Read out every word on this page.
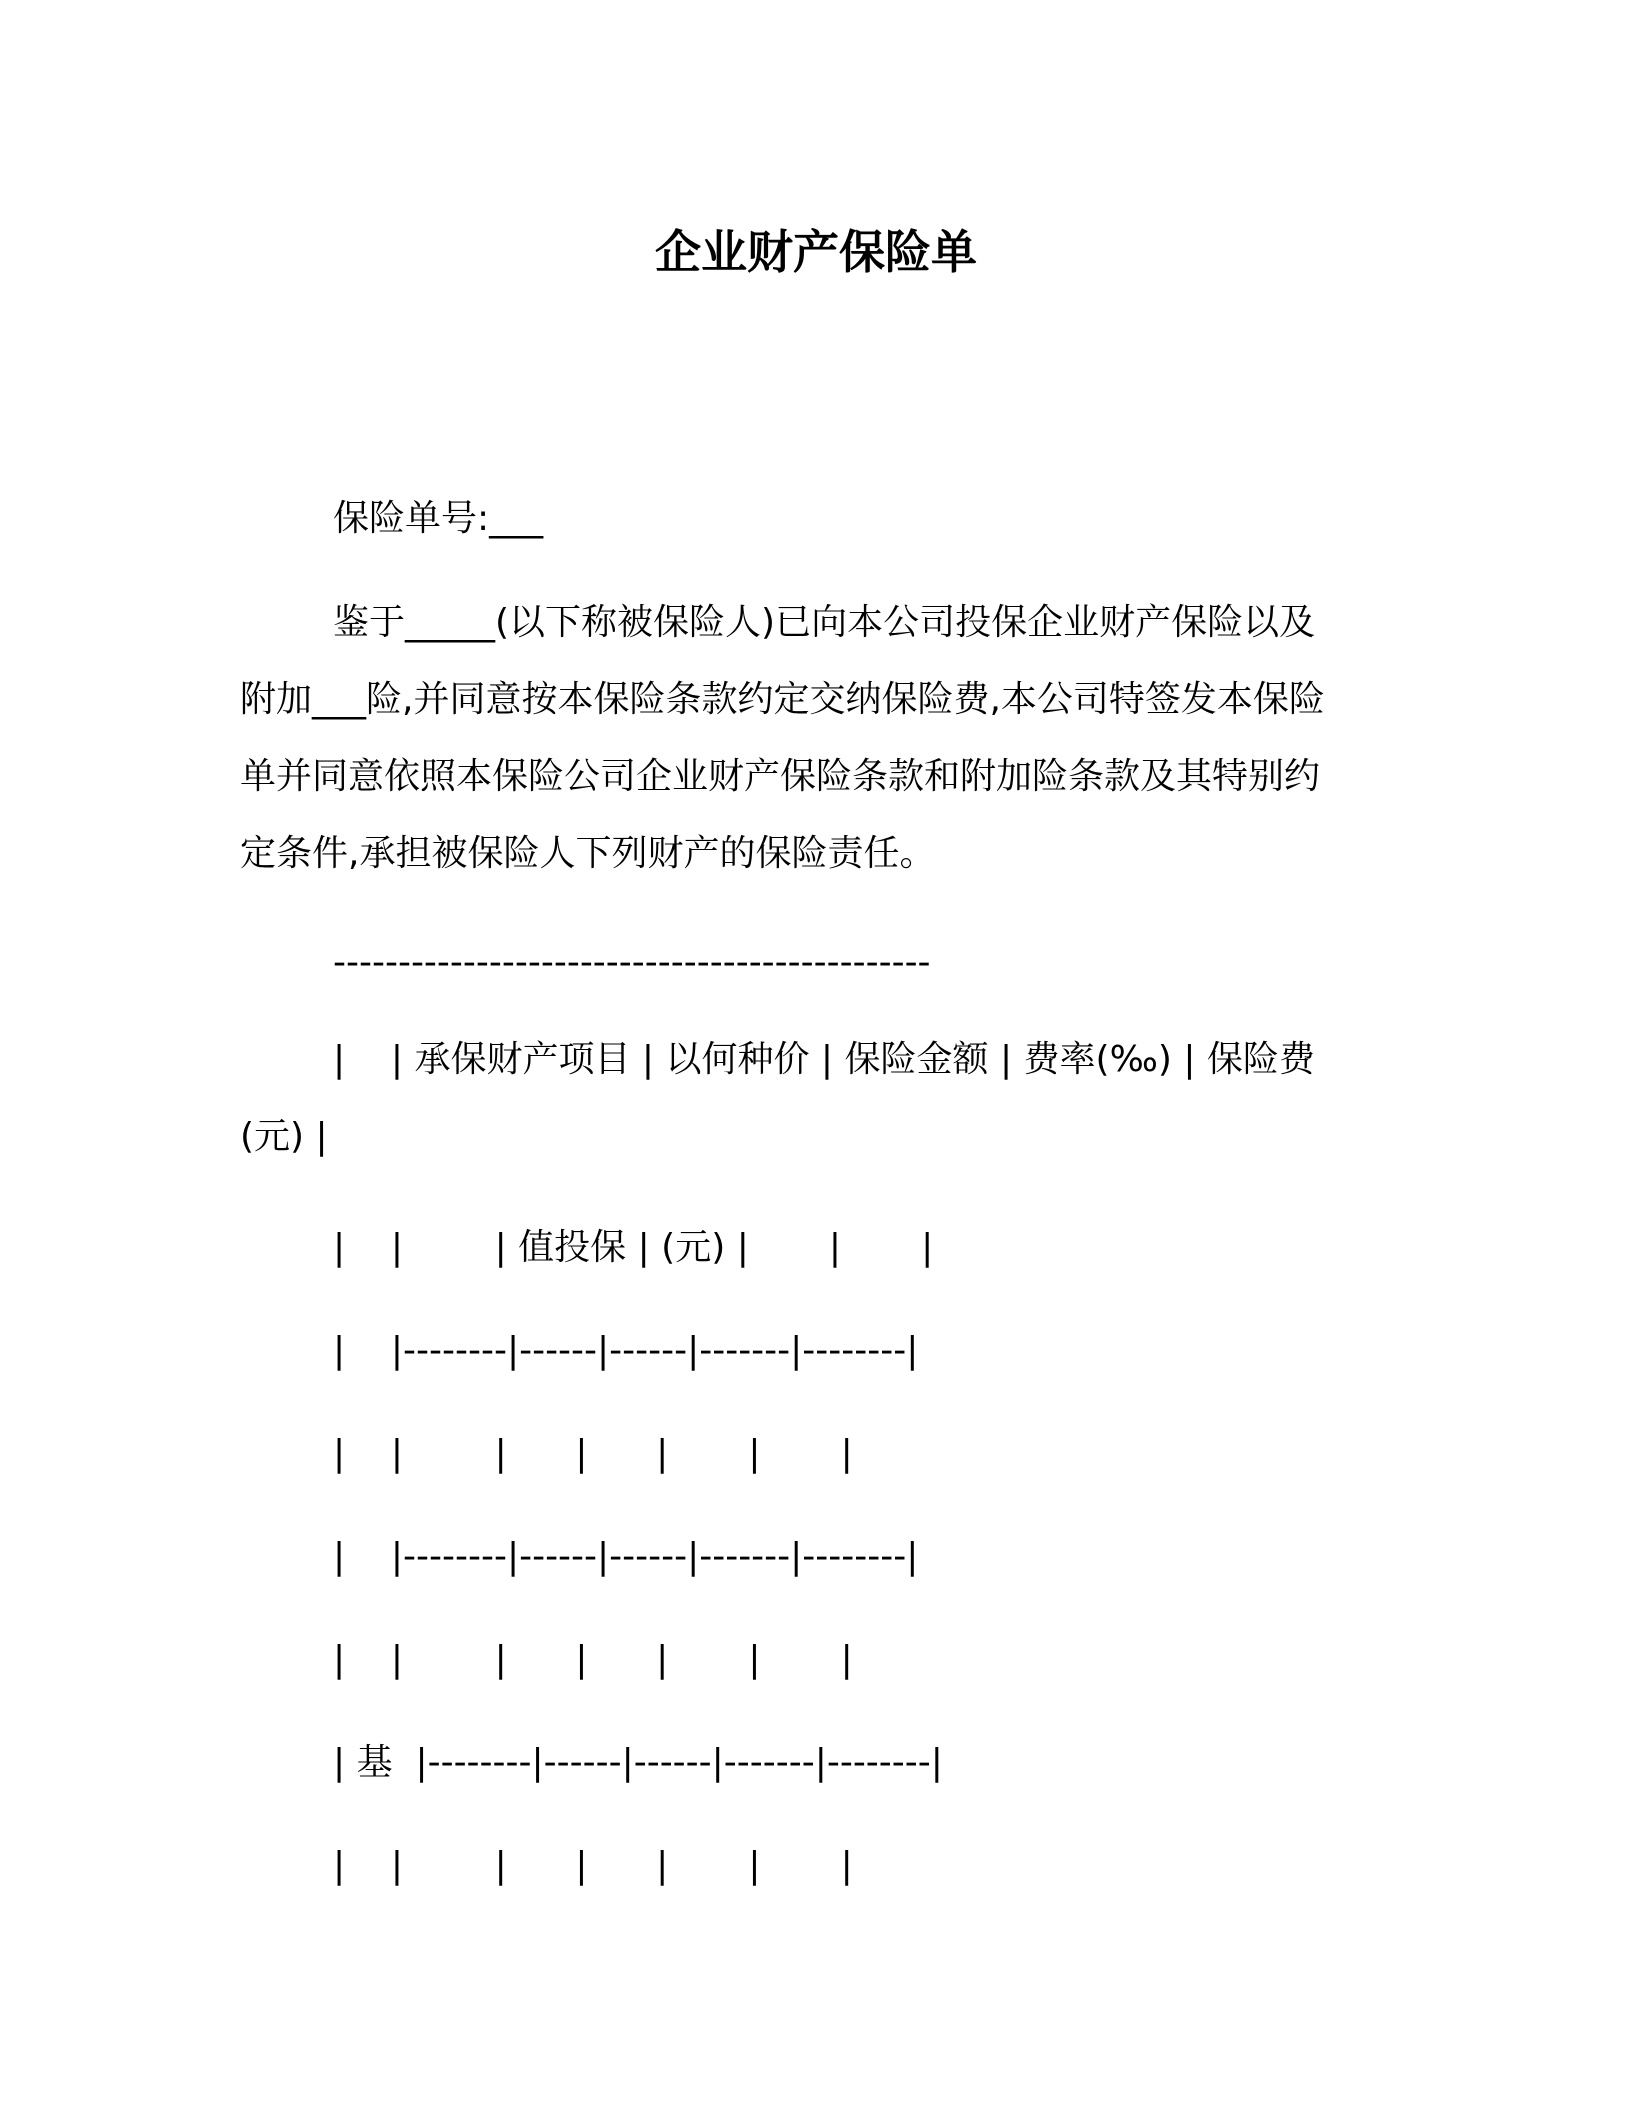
企业财产保险单
保险单号:___
鉴于_____(以下称被保险人)已向本公司投保企业财产保险以及
附加___险,并同意按本保险条款约定交纳保险费,本公司特签发本保险
单并同意依照本保险公司企业财产保险条款和附加险条款及其特别约
定条件,承担被保险人下列财产的保险责任。
----------------------------------------------
|    | 承保财产项目 | 以何种价 | 保险金额 | 费率(‰) | 保险费
(元) |
|    |        | 值投保 | (元) |       |       |
|    |--------|------|------|-------|--------|
|    |        |      |      |       |       |
|    |--------|------|------|-------|--------|
|    |        |      |      |       |       |
| 基  |--------|------|------|-------|--------|
|    |        |      |      |       |       |
